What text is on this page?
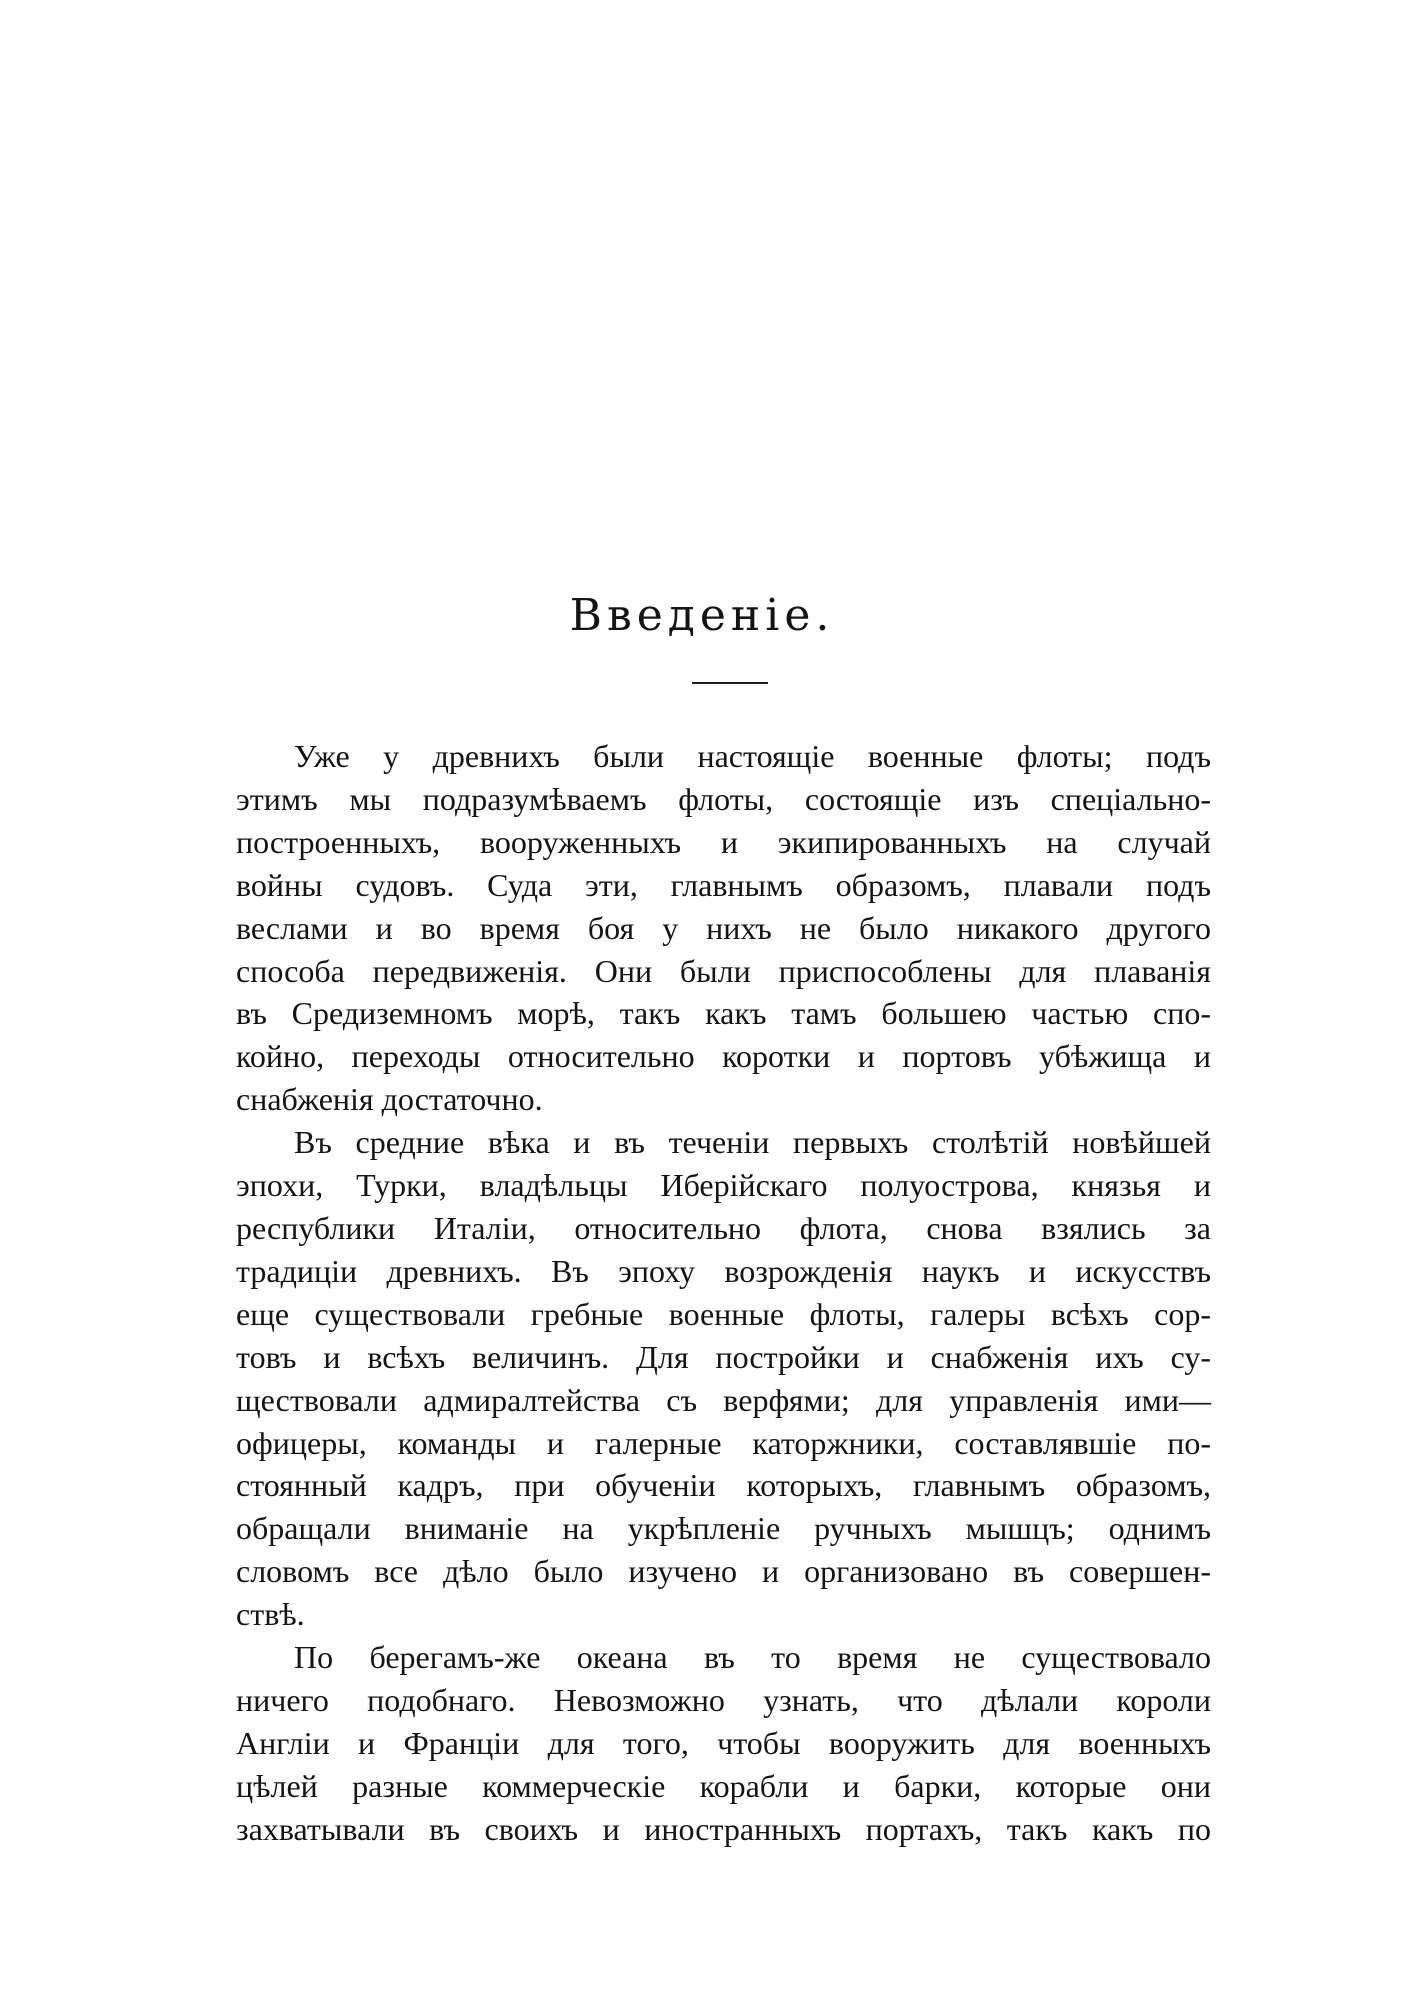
Введенiе.
Уже у древнихъ были настоящiе военные флоты; подъ
этимъ мы подразумѣваемъ флоты, состоящiе изъ спецiально-
построенныхъ, вооруженныхъ и экипированныхъ на случай
войны судовъ. Суда эти, главнымъ образомъ, плавали подъ
веслами и во время боя у нихъ не было никакого другого
способа передвиженiя. Они были приспособлены для плаванiя
въ Средиземномъ морѣ, такъ какъ тамъ большею частью спо-
койно, переходы относительно коротки и портовъ убѣжища и
снабженiя достаточно.
Въ средние вѣка и въ теченiи первыхъ столѣтiй новѣйшей
эпохи, Турки, владѣльцы Иберiйскаго полуострова, князья и
республики Италiи, относительно флота, снова взялись за
традицiи древнихъ. Въ эпоху возрожденiя наукъ и искусствъ
еще существовали гребные военные флоты, галеры всѣхъ сор-
товъ и всѣхъ величинъ. Для постройки и снабженiя ихъ су-
ществовали адмиралтейства съ верфями; для управленiя ими—
офицеры, команды и галерные каторжники, составлявшiе по-
стоянный кадръ, при обученiи которыхъ, главнымъ образомъ,
обращали вниманiе на укрѣпленiе ручныхъ мышцъ; однимъ
словомъ все дѣло было изучено и организовано въ совершен-
ствѣ.
По берегамъ-же океана въ то время не существовало
ничего подобнаго. Невозможно узнать, что дѣлали короли
Англiи и Францiи для того, чтобы вооружить для военныхъ
цѣлей разные коммерческiе корабли и барки, которые они
захватывали въ своихъ и иностранныхъ портахъ, такъ какъ по
